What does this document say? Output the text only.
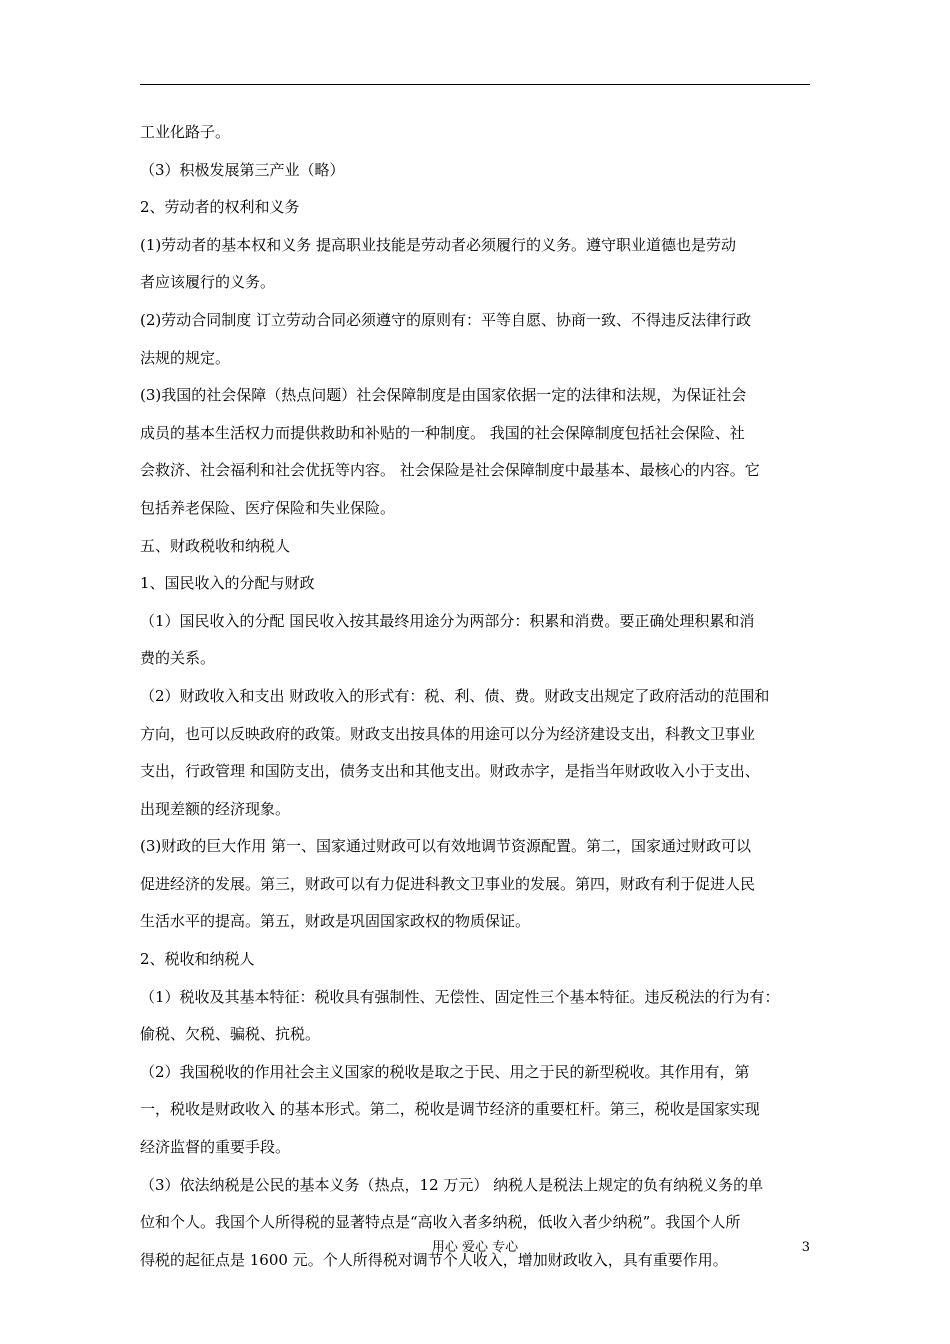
工业化路子。
（3）积极发展第三产业（略）
2、劳动者的权利和义务
(1)劳动者的基本权和义务 提高职业技能是劳动者必须履行的义务。遵守职业道德也是劳动
者应该履行的义务。
(2)劳动合同制度 订立劳动合同必须遵守的原则有：平等自愿、协商一致、不得违反法律行政
法规的规定。
(3)我国的社会保障（热点问题）社会保障制度是由国家依据一定的法律和法规，为保证社会
成员的基本生活权力而提供救助和补贴的一种制度。 我国的社会保障制度包括社会保险、社
会救济、社会福利和社会优抚等内容。 社会保险是社会保障制度中最基本、最核心的内容。它
包括养老保险、医疗保险和失业保险。
五、财政税收和纳税人
1、国民收入的分配与财政
（1）国民收入的分配 国民收入按其最终用途分为两部分：积累和消费。要正确处理积累和消
费的关系。
（2）财政收入和支出 财政收入的形式有：税、利、债、费。财政支出规定了政府活动的范围和
方向，也可以反映政府的政策。财政支出按具体的用途可以分为经济建设支出，科教文卫事业
支出，行政管理 和国防支出，债务支出和其他支出。财政赤字，是指当年财政收入小于支出、
出现差额的经济现象。
(3)财政的巨大作用 第一、国家通过财政可以有效地调节资源配置。第二，国家通过财政可以
促进经济的发展。第三，财政可以有力促进科教文卫事业的发展。第四，财政有利于促进人民
生活水平的提高。第五，财政是巩固国家政权的物质保证。
2、税收和纳税人
（1）税收及其基本特征：税收具有强制性、无偿性、固定性三个基本特征。违反税法的行为有：
偷税、欠税、骗税、抗税。
（2）我国税收的作用社会主义国家的税收是取之于民、用之于民的新型税收。其作用有，第
一，税收是财政收入 的基本形式。第二，税收是调节经济的重要杠杆。第三，税收是国家实现
经济监督的重要手段。
（3）依法纳税是公民的基本义务（热点，12 万元） 纳税人是税法上规定的负有纳税义务的单
位和个人。我国个人所得税的显著特点是“高收入者多纳税，低收入者少纳税”。我国个人所
得税的起征点是 1600 元。个人所得税对调节个人收入，增加财政收入，具有重要作用。
用心 爱心 专心	3
